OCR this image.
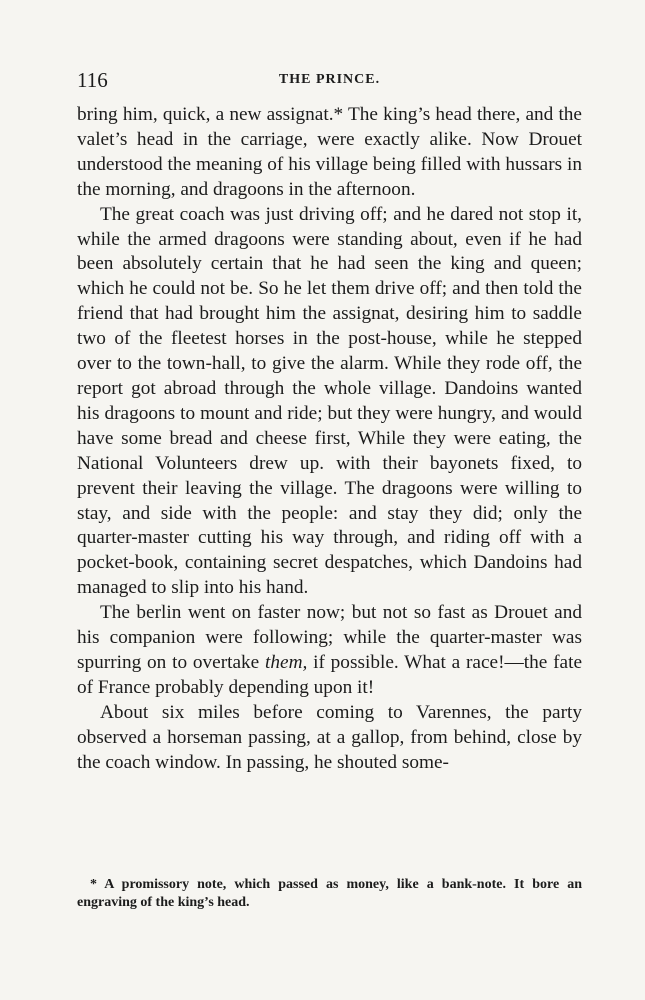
116	THE PRINCE.

bring him, quick, a new assignat.* The king’s head there, and the valet’s head in the carriage, were exactly alike. Now Drouet understood the meaning of his village being filled with hussars in the morning, and dragoons in the afternoon.

The great coach was just driving off; and he dared not stop it, while the armed dragoons were standing about, even if he had been absolutely certain that he had seen the king and queen; which he could not be. So he let them drive off; and then told the friend that had brought him the assignat, desiring him to saddle two of the fleetest horses in the post-house, while he stepped over to the town-hall, to give the alarm. While they rode off, the report got abroad through the whole village. Dandoins wanted his dragoons to mount and ride; but they were hungry, and would have some bread and cheese first, While they were eating, the National Volunteers drew up. with their bayonets fixed, to prevent their leaving the village. The dragoons were willing to stay, and side with the people: and stay they did; only the quarter-master cutting his way through, and riding off with a pocket-book, containing secret despatches, which Dandoins had managed to slip into his hand.

The berlin went on faster now; but not so fast as Drouet and his companion were following; while the quarter-master was spurring on to overtake them, if possible. What a race!—the fate of France probably depending upon it!

About six miles before coming to Varennes, the party observed a horseman passing, at a gallop, from behind, close by the coach window. In passing, he shouted some-

* A promissory note, which passed as money, like a bank-note. It bore an engraving of the king’s head.
